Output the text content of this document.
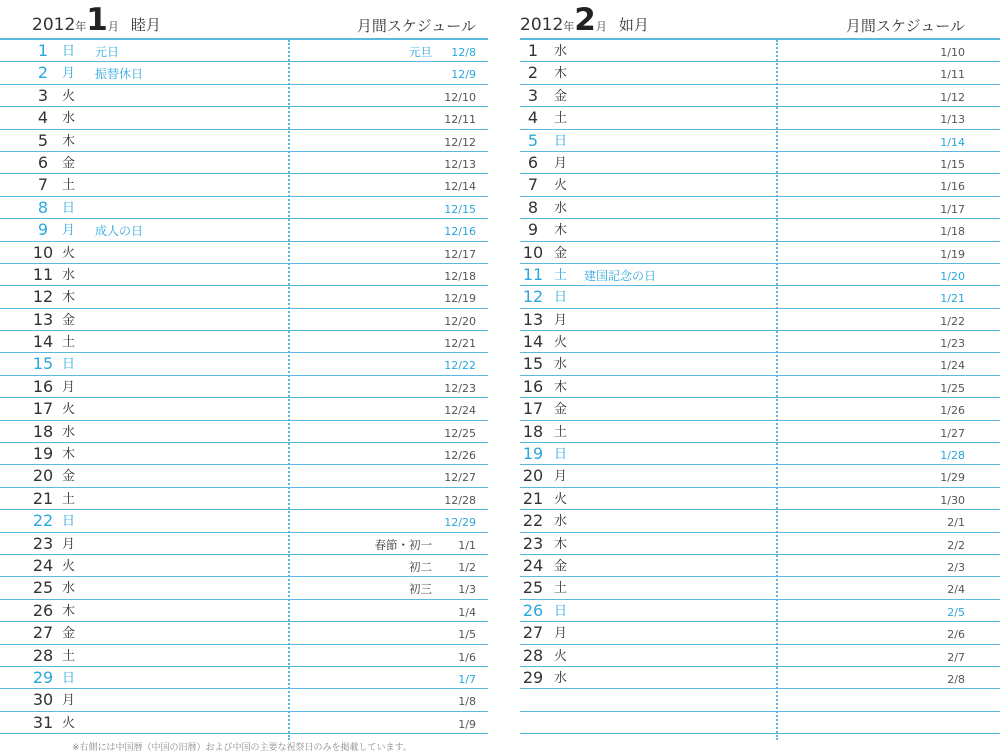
2012年1月 睦月	月間スケジュール
1	日 元日	元旦 12/8
2	月 振替休日	12/9
3	火	12/10
4	水	12/11
5	木	12/12
6	金	12/13
7	土	12/14
8	日	12/15
9	月 成人の日	12/16
10 火	12/17
11 水	12/18
12 木	12/19
13 金	12/20
14 土	12/21
15 日	12/22
16 月	12/23
17 火	12/24
18 水	12/25
19 木	12/26
20 金	12/27
21 土	12/28
22 日	12/29
23 月	春節・初一 1/1
24 火	初二 1/2
25 水	初三 1/3
26 木	1/4
27 金	1/5
28 土	1/6
29 日	1/7
30 月	1/8
31 火	1/9
2012年2月 如月	月間スケジュール
1	水	1/10
2	木	1/11
3	金	1/12
4	土	1/13
5	日	1/14
6	月	1/15
7	火	1/16
8	水	1/17
9	木	1/18
10 金	1/19
11 土 建国記念の日	1/20
12 日	1/21
13 月	1/22
14 火	1/23
15 水	1/24
16 木	1/25
17 金	1/26
18 土	1/27
19 日	1/28
20 月	1/29
21 火	1/30
22 水	2/1
23 木	2/2
24 金	2/3
25 土	2/4
26 日	2/5
27 月	2/6
28 火	2/7
29 水	2/8
※右側には中国暦（中国の旧暦）および中国の主要な祝祭日のみを掲載しています。
